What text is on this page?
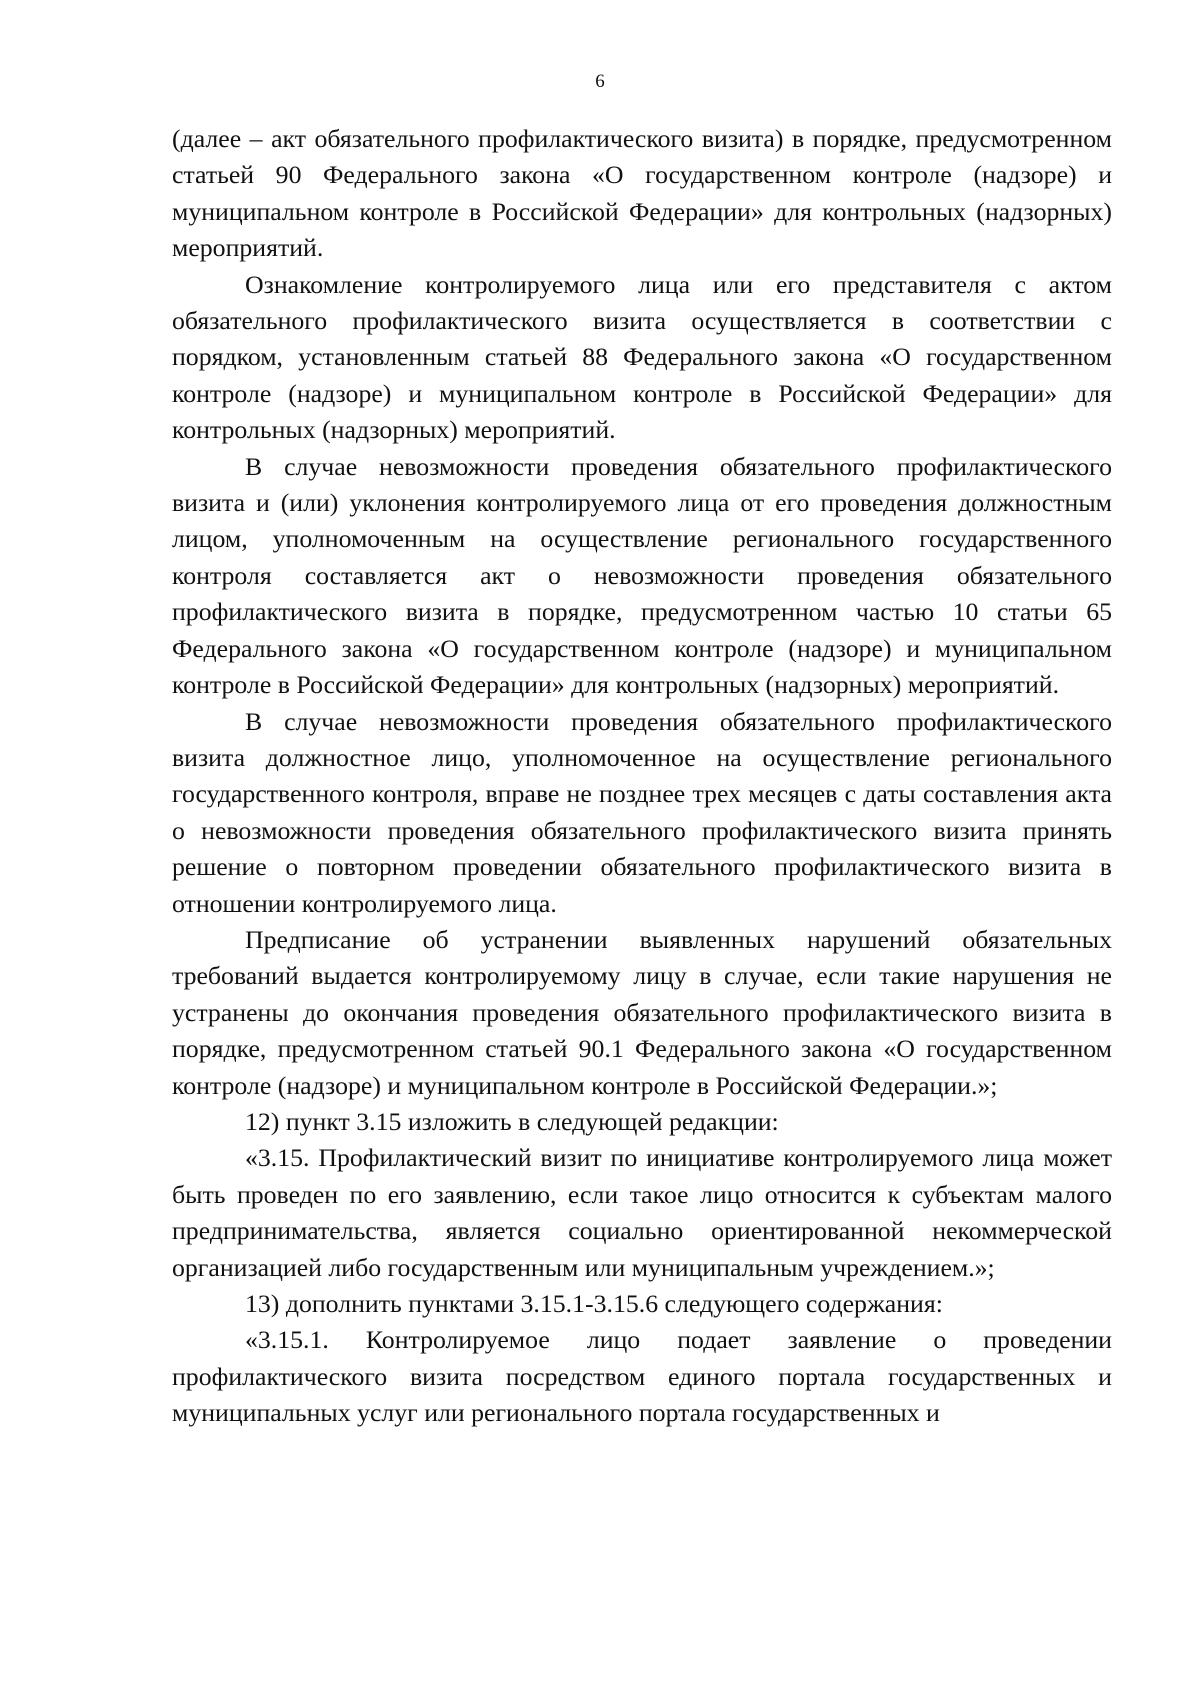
6

(далее – акт обязательного профилактического визита) в порядке, предусмотренном статьей 90 Федерального закона «О государственном контроле (надзоре) и муниципальном контроле в Российской Федерации» для контрольных (надзорных) мероприятий.

Ознакомление контролируемого лица или его представителя с актом обязательного профилактического визита осуществляется в соответствии с порядком, установленным статьей 88 Федерального закона «О государственном контроле (надзоре) и муниципальном контроле в Российской Федерации» для контрольных (надзорных) мероприятий.

В случае невозможности проведения обязательного профилактического визита и (или) уклонения контролируемого лица от его проведения должностным лицом, уполномоченным на осуществление регионального государственного контроля составляется акт о невозможности проведения обязательного профилактического визита в порядке, предусмотренном частью 10 статьи 65 Федерального закона «О государственном контроле (надзоре) и муниципальном контроле в Российской Федерации» для контрольных (надзорных) мероприятий.

В случае невозможности проведения обязательного профилактического визита должностное лицо, уполномоченное на осуществление регионального государственного контроля, вправе не позднее трех месяцев с даты составления акта о невозможности проведения обязательного профилактического визита принять решение о повторном проведении обязательного профилактического визита в отношении контролируемого лица.

Предписание об устранении выявленных нарушений обязательных требований выдается контролируемому лицу в случае, если такие нарушения не устранены до окончания проведения обязательного профилактического визита в порядке, предусмотренном статьей 90.1 Федерального закона «О государственном контроле (надзоре) и муниципальном контроле в Российской Федерации.»;

12) пункт 3.15 изложить в следующей редакции:

«3.15. Профилактический визит по инициативе контролируемого лица может быть проведен по его заявлению, если такое лицо относится к субъектам малого предпринимательства, является социально ориентированной некоммерческой организацией либо государственным или муниципальным учреждением.»;

13) дополнить пунктами 3.15.1-3.15.6 следующего содержания:

«3.15.1. Контролируемое лицо подает заявление о проведении профилактического визита посредством единого портала государственных и муниципальных услуг или регионального портала государственных и
